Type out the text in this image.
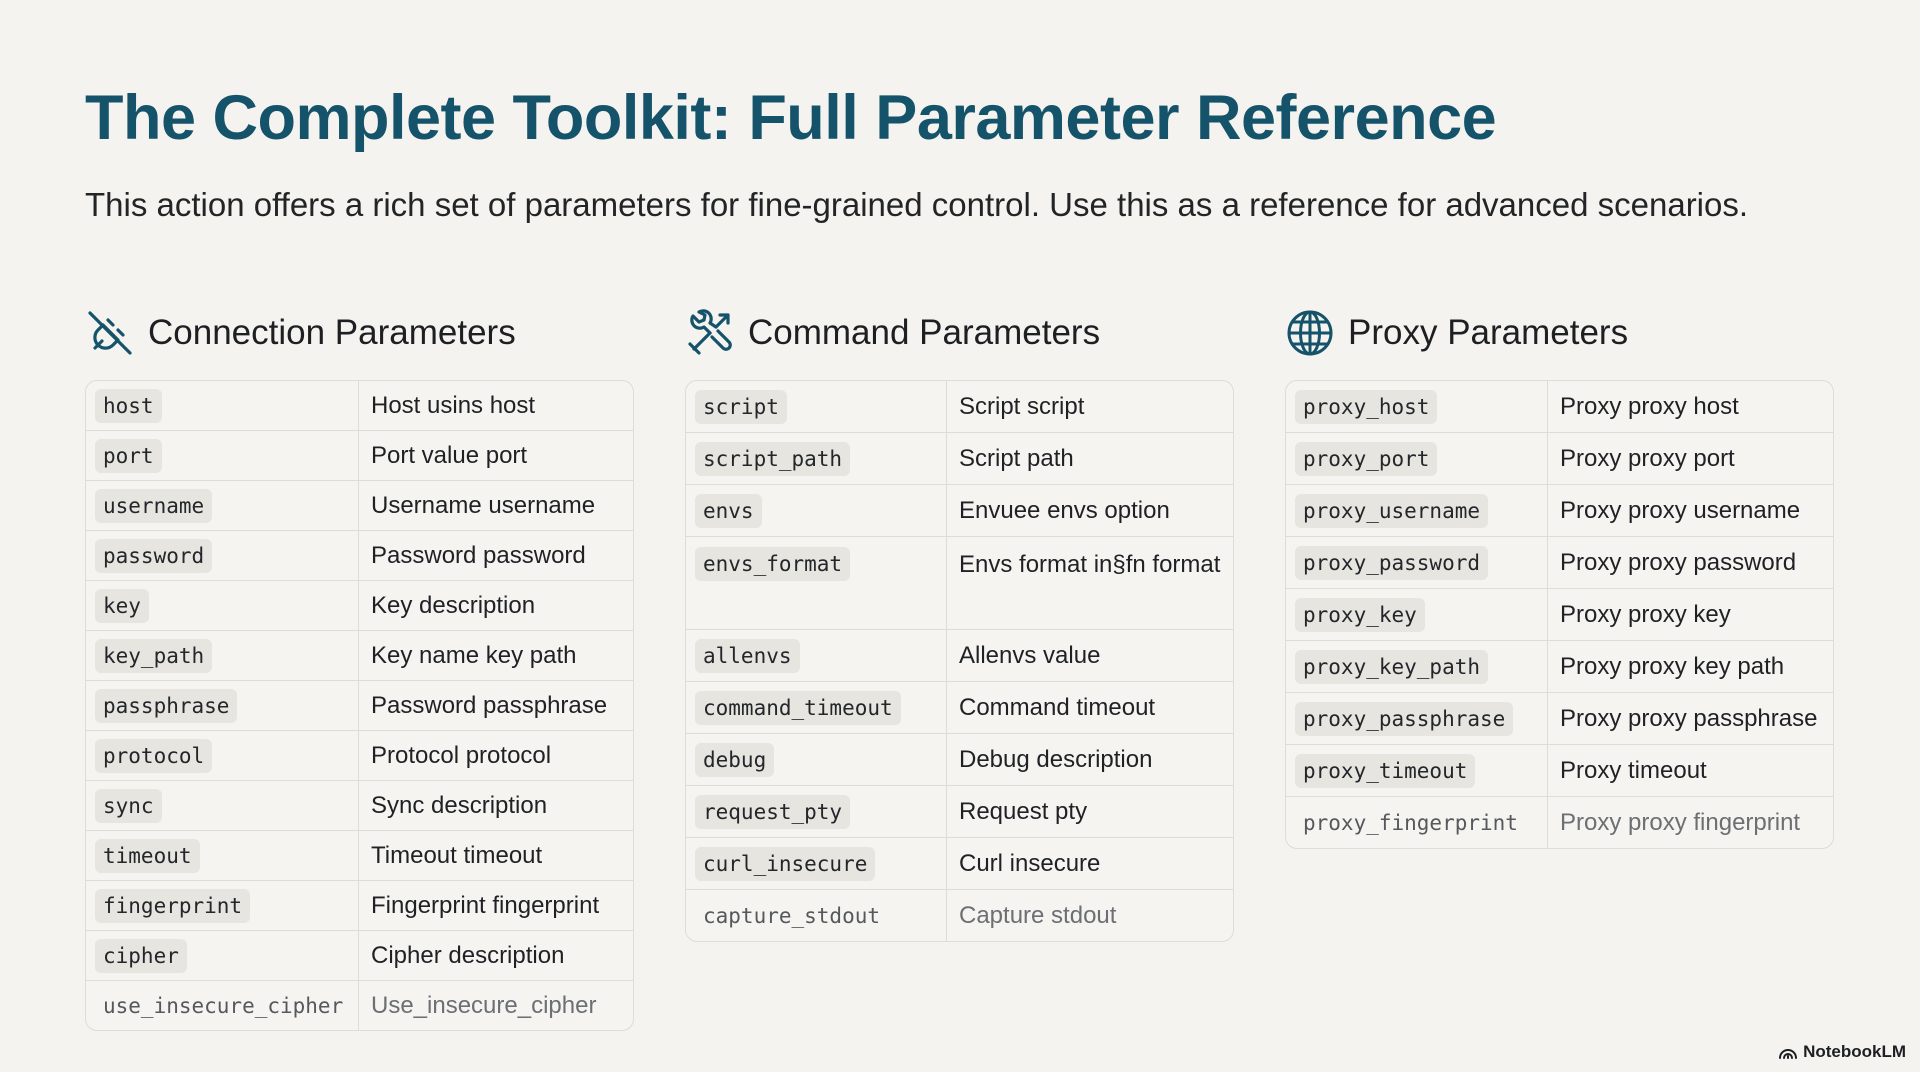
The Complete Toolkit: Full Parameter Reference

This action offers a rich set of parameters for fine-grained control. Use this as a reference for advanced scenarios.

Connection Parameters
host	Host usins host
port	Port value port
username	Username username
password	Password password
key	Key description
key_path	Key name key path
passphrase	Password passphrase
protocol	Protocol protocol
sync	Sync description
timeout	Timeout timeout
fingerprint	Fingerprint fingerprint
cipher	Cipher description
use_insecure_cipher	Use_insecure_cipher
Command Parameters
script	Script script
script_path	Script path
envs	Envuee envs option
envs_format	Envs format in§fn format
allenvs	Allenvs value
command_timeout	Command timeout
debug	Debug description
request_pty	Request pty
curl_insecure	Curl insecure
capture_stdout	Capture stdout
Proxy Parameters
proxy_host	Proxy proxy host
proxy_port	Proxy proxy port
proxy_username	Proxy proxy username
proxy_password	Proxy proxy password
proxy_key	Proxy proxy key
proxy_key_path	Proxy proxy key path
proxy_passphrase	Proxy proxy passphrase
proxy_timeout	Proxy timeout
proxy_fingerprint	Proxy proxy fingerprint
NotebookLM
